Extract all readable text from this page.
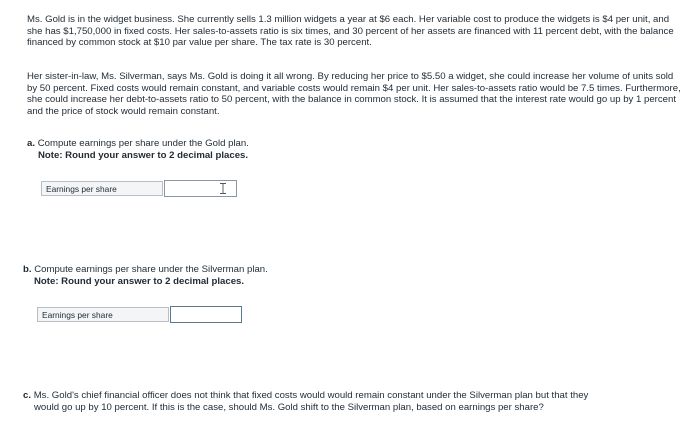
Ms. Gold is in the widget business. She currently sells 1.3 million widgets a year at $6 each. Her variable cost to produce the widgets is $4 per unit, and she has $1,750,000 in fixed costs. Her sales-to-assets ratio is six times, and 30 percent of her assets are financed with 11 percent debt, with the balance financed by common stock at $10 par value per share. The tax rate is 30 percent.

Her sister-in-law, Ms. Silverman, says Ms. Gold is doing it all wrong. By reducing her price to $5.50 a widget, she could increase her volume of units sold by 50 percent. Fixed costs would remain constant, and variable costs would remain $4 per unit. Her sales-to-assets ratio would be 7.5 times. Furthermore, she could increase her debt-to-assets ratio to 50 percent, with the balance in common stock. It is assumed that the interest rate would go up by 1 percent and the price of stock would remain constant.

a. Compute earnings per share under the Gold plan.
Note: Round your answer to 2 decimal places.
Earnings per share
b. Compute earnings per share under the Silverman plan.
Note: Round your answer to 2 decimal places.
Earnings per share
c. Ms. Gold's chief financial officer does not think that fixed costs would would remain constant under the Silverman plan but that they
would go up by 10 percent. If this is the case, should Ms. Gold shift to the Silverman plan, based on earnings per share?
